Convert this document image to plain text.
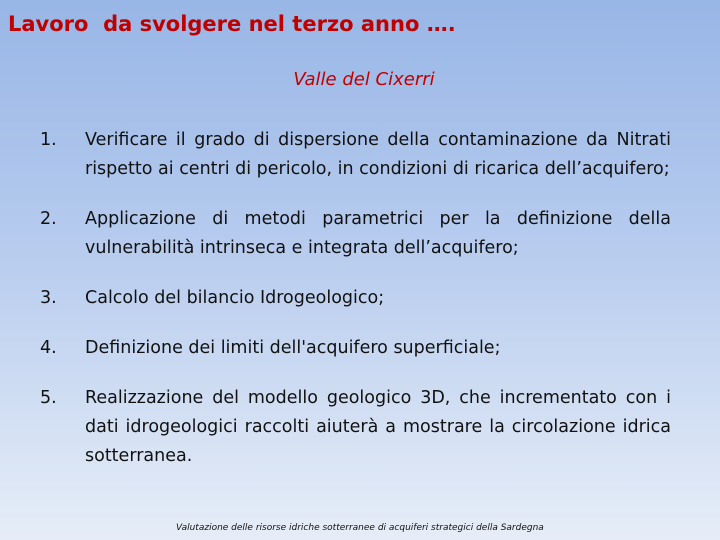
Lavoro  da svolgere nel terzo anno ….
Valle del Cixerri
1. Verificare il grado di dispersione della contaminazione da Nitrati rispetto ai centri di pericolo, in condizioni di ricarica dell’acquifero;
2. Applicazione di metodi parametrici per la definizione della vulnerabilità intrinseca e integrata dell’acquifero;
3. Calcolo del bilancio Idrogeologico;
4. Definizione dei limiti dell'acquifero superficiale;
5. Realizzazione del modello geologico 3D, che incrementato con i dati idrogeologici raccolti aiuterà a mostrare la circolazione idrica sotterranea.
Valutazione delle risorse idriche sotterranee di acquiferi strategici della Sardegna
